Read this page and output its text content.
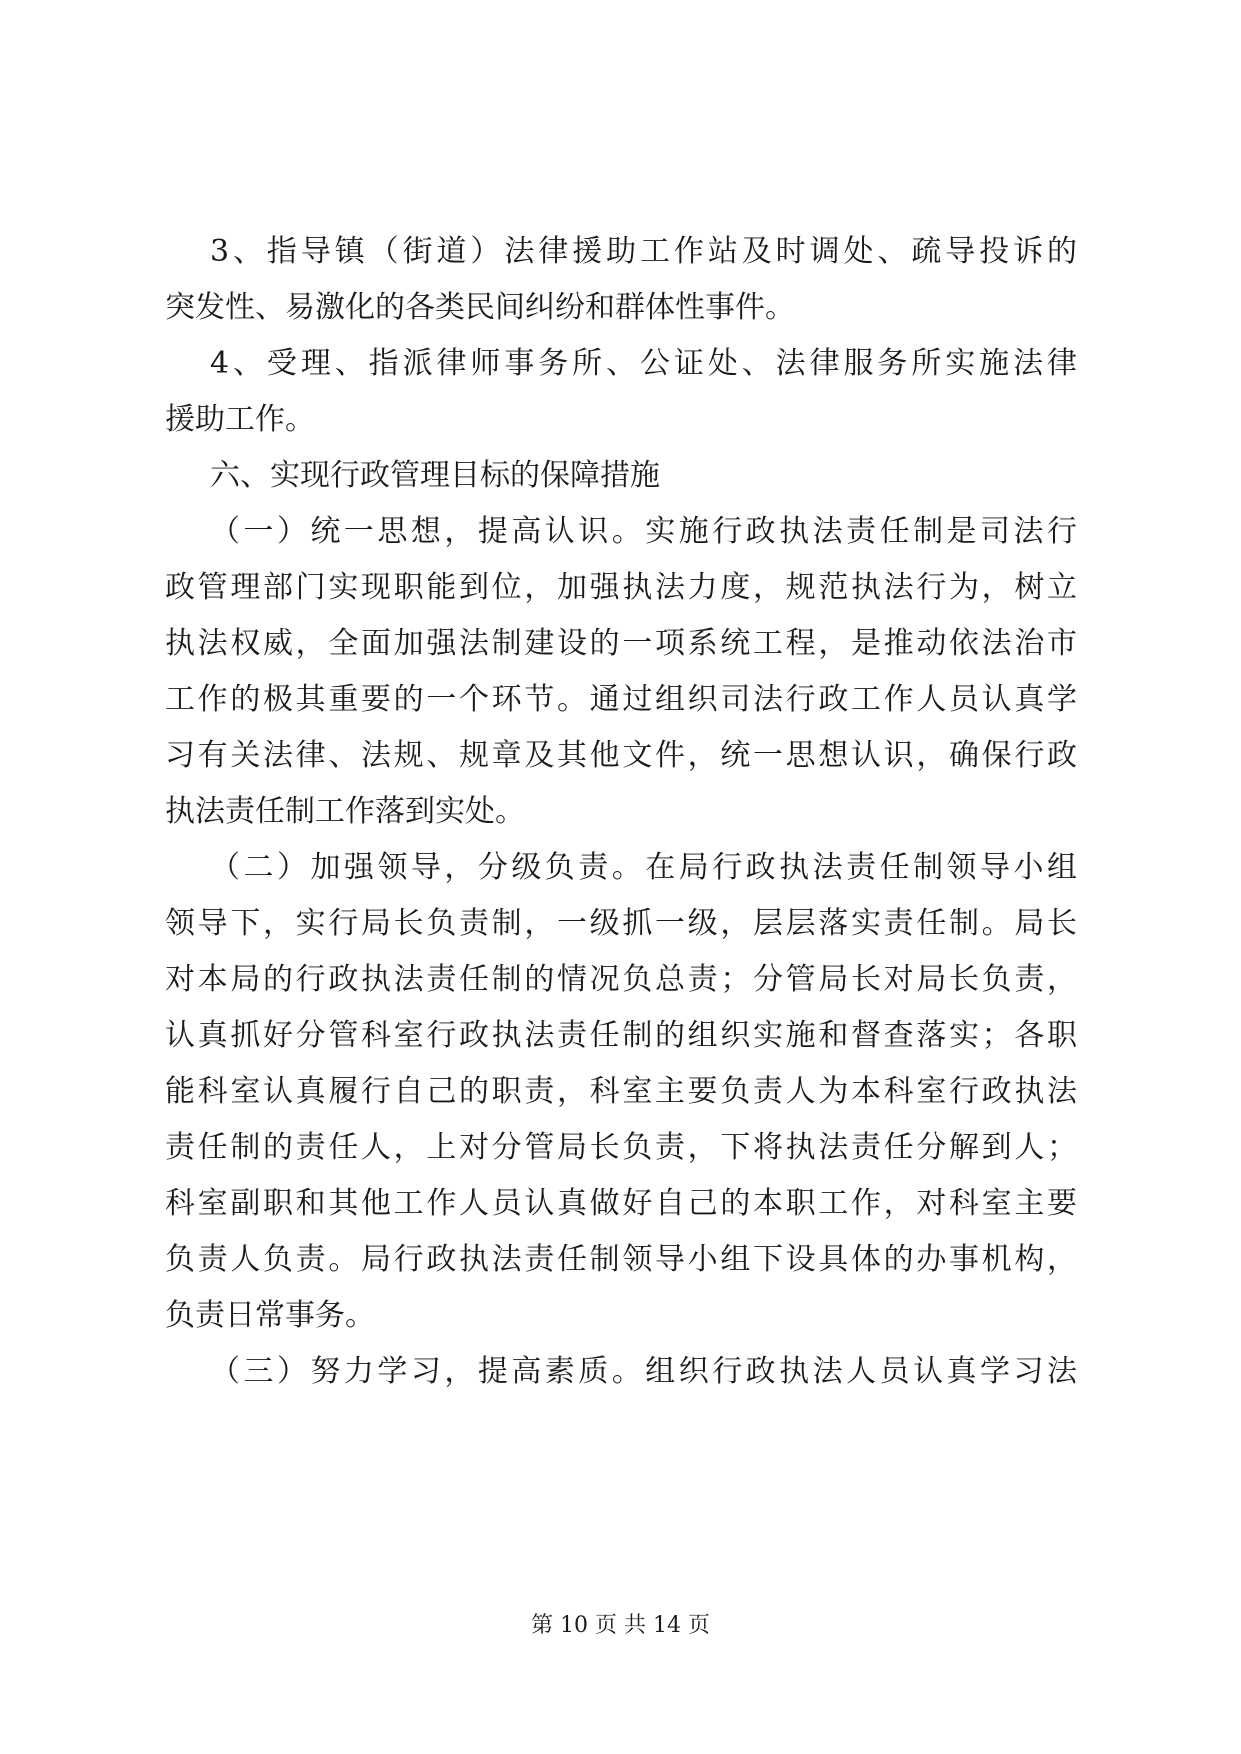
3、指导镇（街道）法律援助工作站及时调处、疏导投诉的
突发性、易激化的各类民间纠纷和群体性事件。
4、受理、指派律师事务所、公证处、法律服务所实施法律
援助工作。
六、实现行政管理目标的保障措施
（一）统一思想，提高认识。实施行政执法责任制是司法行
政管理部门实现职能到位，加强执法力度，规范执法行为，树立
执法权威，全面加强法制建设的一项系统工程，是推动依法治市
工作的极其重要的一个环节。通过组织司法行政工作人员认真学
习有关法律、法规、规章及其他文件，统一思想认识，确保行政
执法责任制工作落到实处。
（二）加强领导，分级负责。在局行政执法责任制领导小组
领导下，实行局长负责制，一级抓一级，层层落实责任制。局长
对本局的行政执法责任制的情况负总责；分管局长对局长负责，
认真抓好分管科室行政执法责任制的组织实施和督查落实；各职
能科室认真履行自己的职责，科室主要负责人为本科室行政执法
责任制的责任人，上对分管局长负责，下将执法责任分解到人；
科室副职和其他工作人员认真做好自己的本职工作，对科室主要
负责人负责。局行政执法责任制领导小组下设具体的办事机构，
负责日常事务。
（三）努力学习，提高素质。组织行政执法人员认真学习法
第 10 页 共 14 页
